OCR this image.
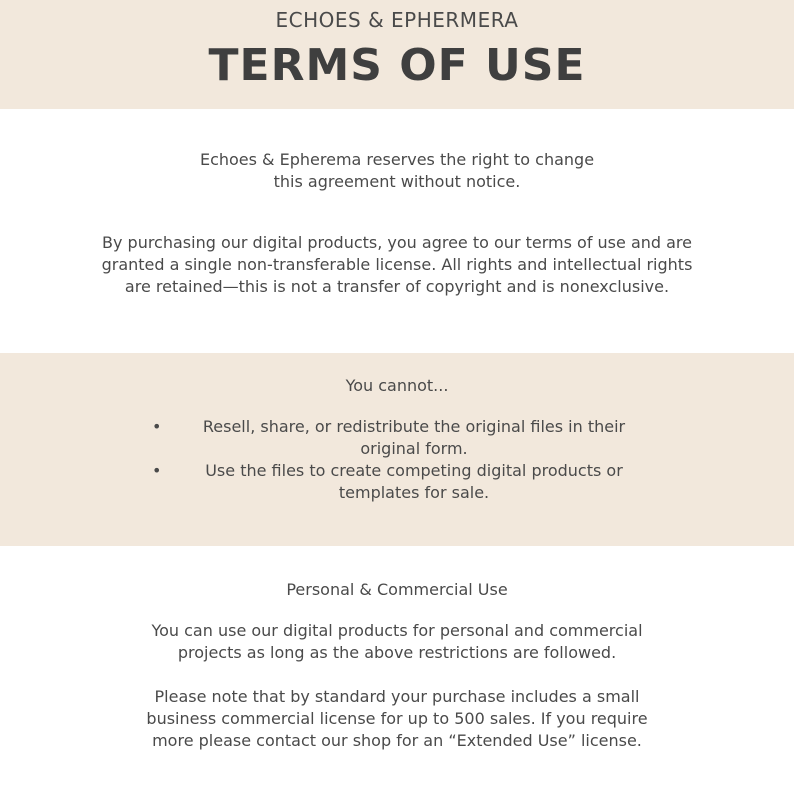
ECHOES & EPHERMERA
TERMS OF USE
Echoes & Epherema reserves the right to change this agreement without notice.
By purchasing our digital products, you agree to our terms of use and are granted a single non-transferable license. All rights and intellectual rights are retained—this is not a transfer of copyright and is nonexclusive.
You cannot...
•	Resell, share, or redistribute the original files in their original form.
•	Use the files to create competing digital products or templates for sale.
Personal & Commercial Use
You can use our digital products for personal and commercial projects as long as the above restrictions are followed.
Please note that by standard your purchase includes a small business commercial license for up to 500 sales. If you require more please contact our shop for an “Extended Use” license.
